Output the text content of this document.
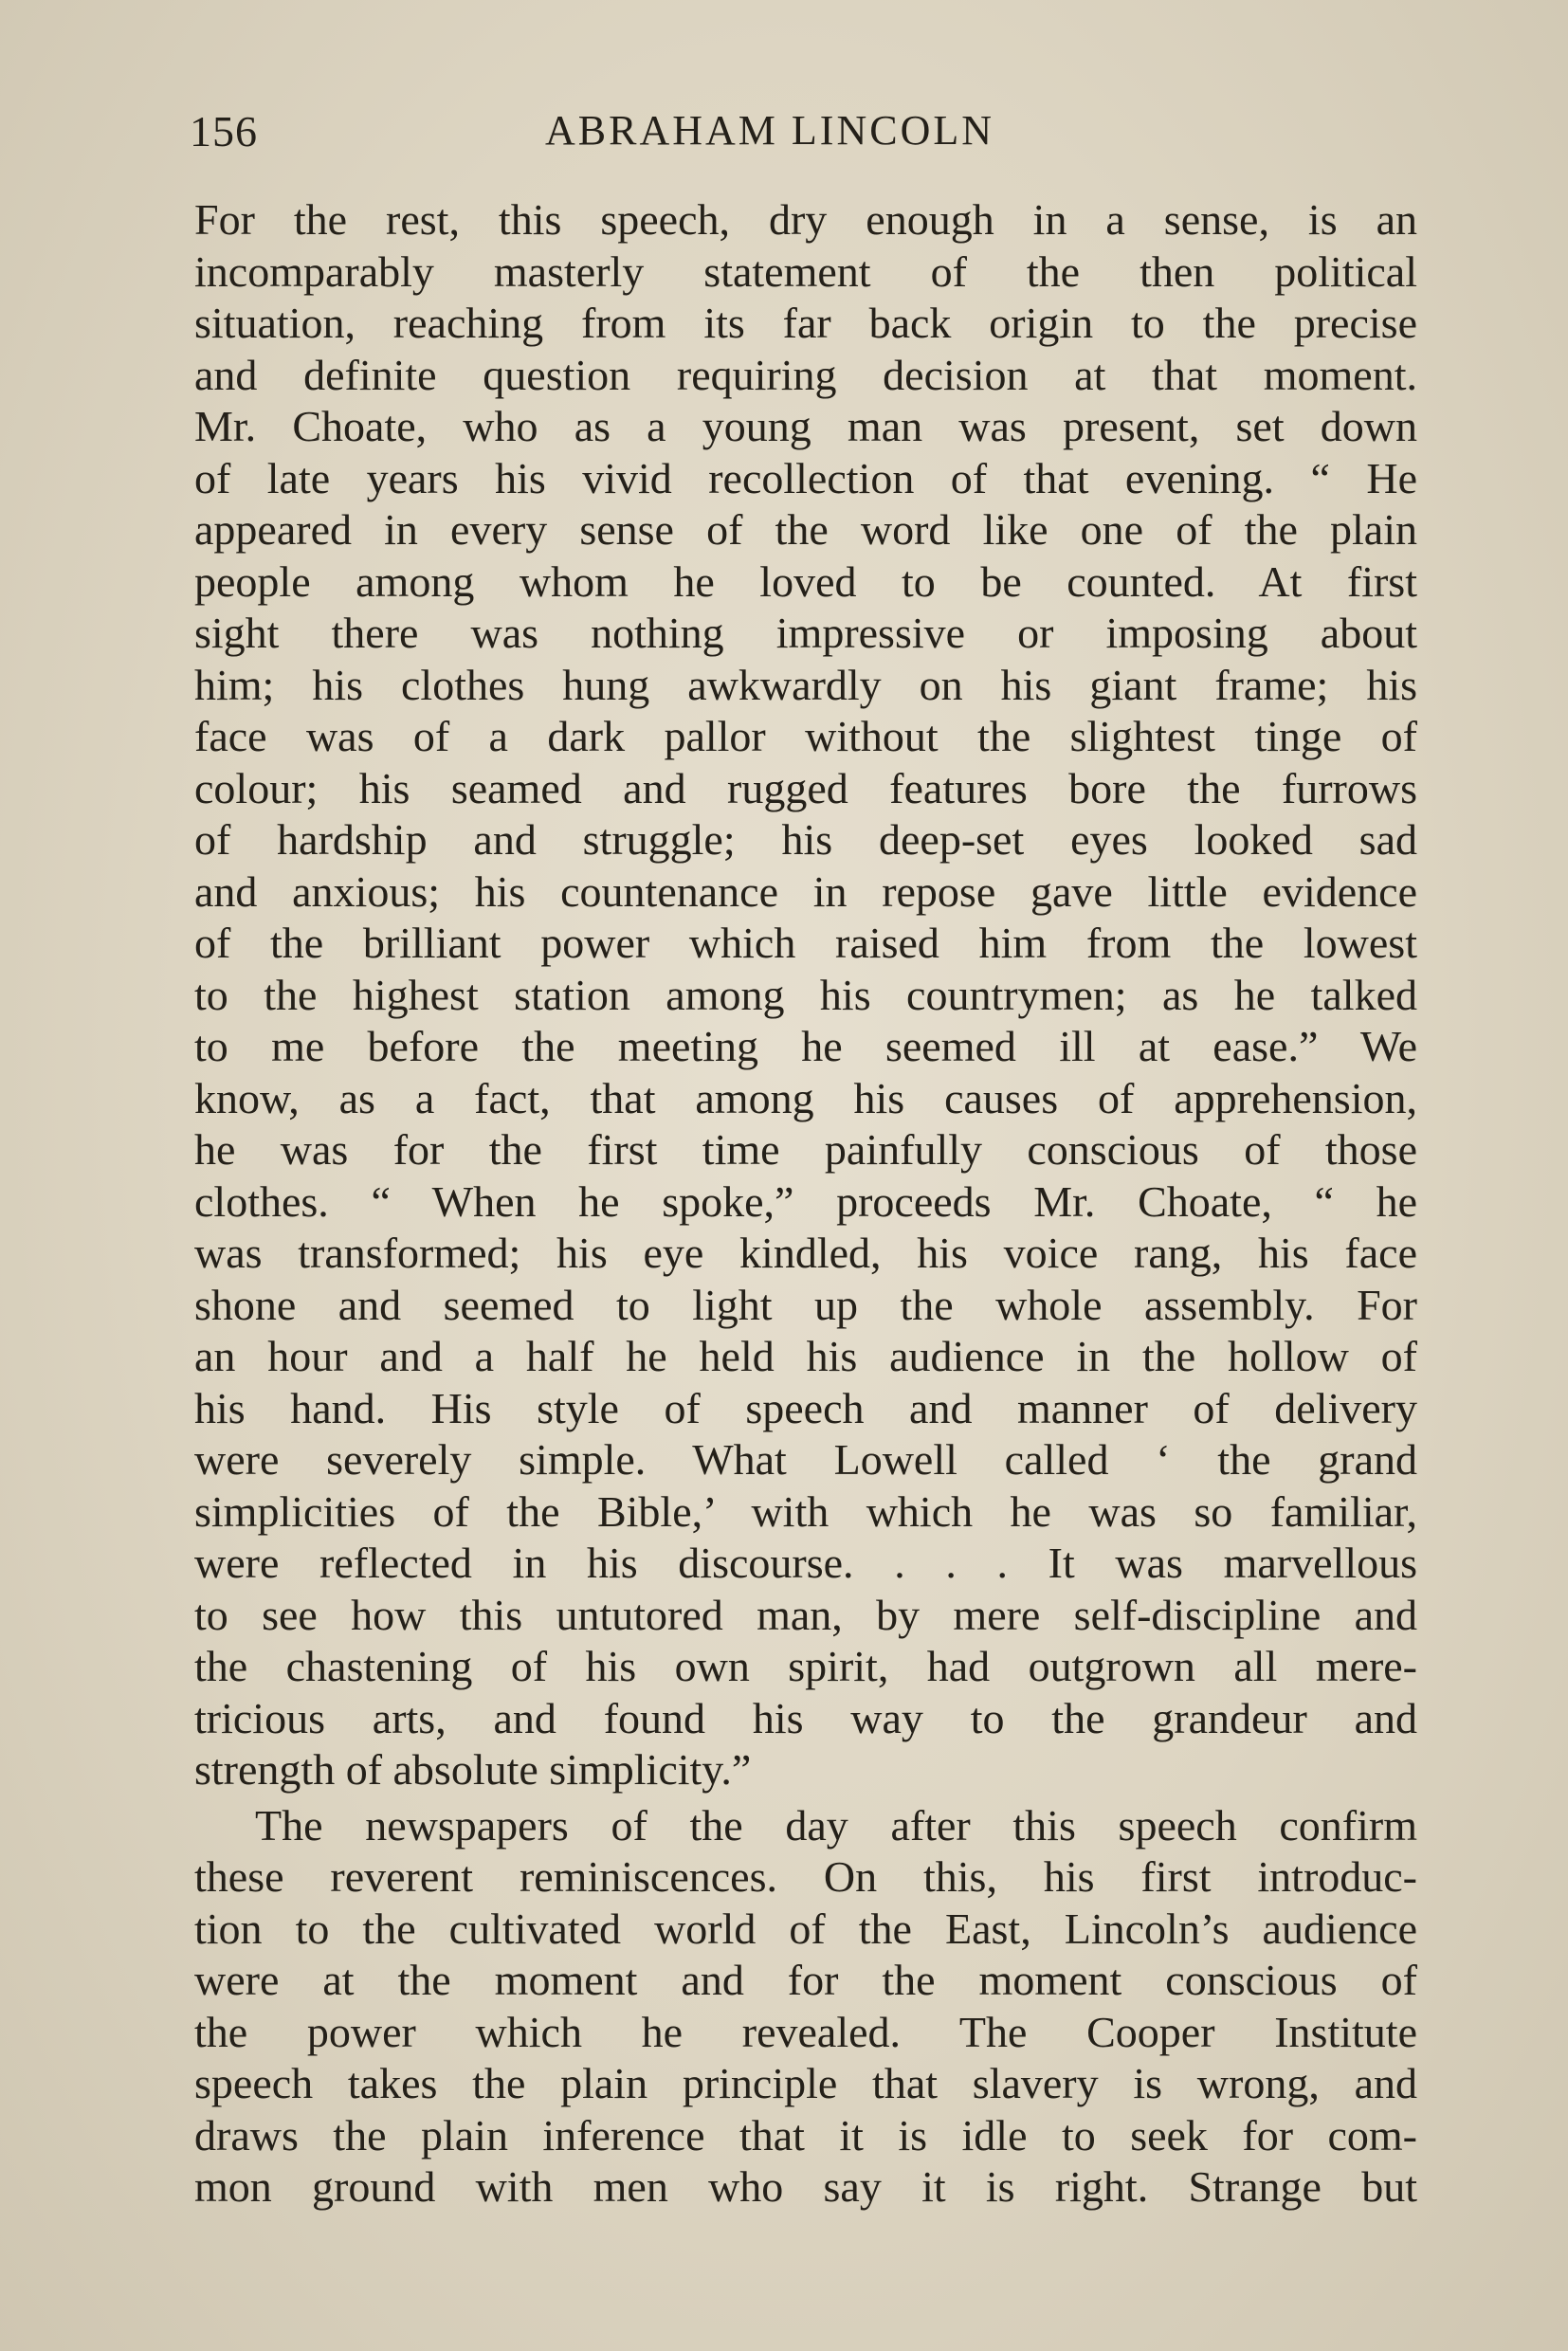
156	ABRAHAM LINCOLN
For the rest, this speech, dry enough in a sense, is an
incomparably masterly statement of the then political
situation, reaching from its far back origin to the precise
and definite question requiring decision at that moment.
Mr. Choate, who as a young man was present, set down
of late years his vivid recollection of that evening. “ He
appeared in every sense of the word like one of the plain
people among whom he loved to be counted. At first
sight there was nothing impressive or imposing about
him; his clothes hung awkwardly on his giant frame; his
face was of a dark pallor without the slightest tinge of
colour; his seamed and rugged features bore the furrows
of hardship and struggle; his deep-set eyes looked sad
and anxious; his countenance in repose gave little evidence
of the brilliant power which raised him from the lowest
to the highest station among his countrymen; as he talked
to me before the meeting he seemed ill at ease.” We
know, as a fact, that among his causes of apprehension,
he was for the first time painfully conscious of those
clothes. “ When he spoke,” proceeds Mr. Choate, “ he
was transformed; his eye kindled, his voice rang, his face
shone and seemed to light up the whole assembly. For
an hour and a half he held his audience in the hollow of
his hand. His style of speech and manner of delivery
were severely simple. What Lowell called ‘ the grand
simplicities of the Bible,’ with which he was so familiar,
were reflected in his discourse. . . . It was marvellous
to see how this untutored man, by mere self-discipline and
the chastening of his own spirit, had outgrown all mere-
tricious arts, and found his way to the grandeur and
strength of absolute simplicity.”
The newspapers of the day after this speech confirm
these reverent reminiscences. On this, his first introduc-
tion to the cultivated world of the East, Lincoln’s audience
were at the moment and for the moment conscious of
the power which he revealed. The Cooper Institute
speech takes the plain principle that slavery is wrong, and
draws the plain inference that it is idle to seek for com-
mon ground with men who say it is right. Strange but
